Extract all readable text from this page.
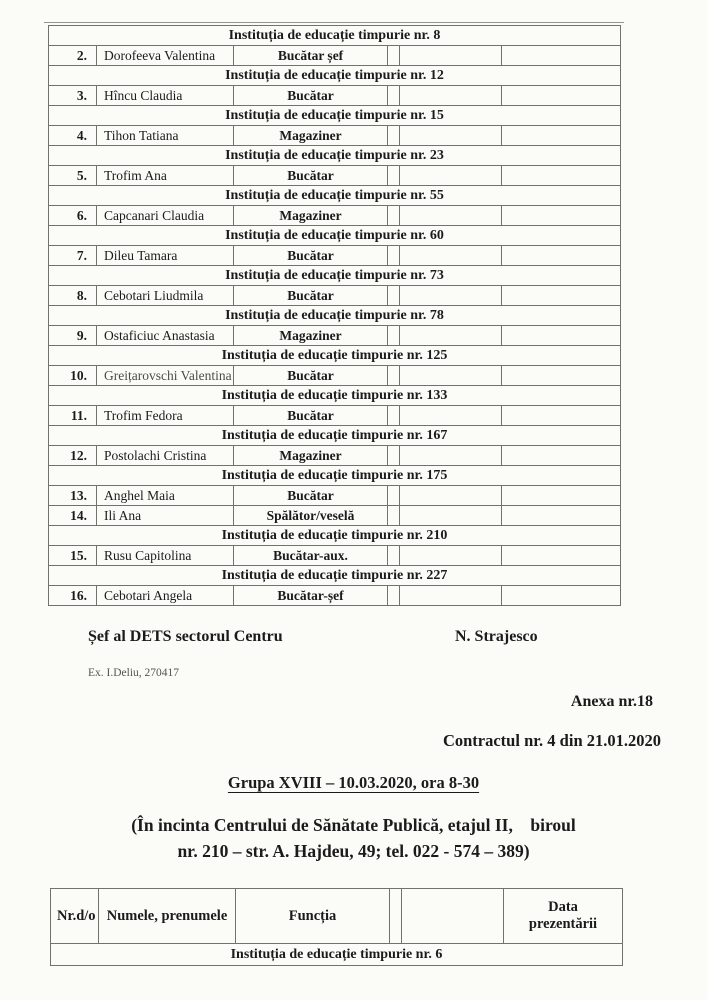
Instituția de educație timpurie nr. 8					
2.	Dorofeeva Valentina	Bucătar șef			
Instituția de educație timpurie nr. 12					
3.	Hîncu Claudia	Bucătar			
Instituția de educație timpurie nr. 15					
4.	Tihon Tatiana	Magaziner			
Instituția de educație timpurie nr. 23					
5.	Trofim Ana	Bucătar			
Instituția de educație timpurie nr. 55					
6.	Capcanari Claudia	Magaziner			
Instituția de educație timpurie nr. 60					
7.	Dileu Tamara	Bucătar			
Instituția de educație timpurie nr. 73					
8.	Cebotari Liudmila	Bucătar			
Instituția de educație timpurie nr. 78					
9.	Ostaficiuc Anastasia	Magaziner			
Instituția de educație timpurie nr. 125					
10.	Greițarovschi Valentina	Bucătar			
Instituția de educație timpurie nr. 133					
11.	Trofim Fedora	Bucătar			
Instituția de educație timpurie nr. 167					
12.	Postolachi Cristina	Magaziner			
Instituția de educație timpurie nr. 175					
13.	Anghel Maia	Bucătar			
14.	Ili Ana	Spălător/veselă			
Instituția de educație timpurie nr. 210					
15.	Rusu Capitolina	Bucătar-aux.			
Instituția de educație timpurie nr. 227					
16.	Cebotari Angela	Bucătar-șef			
Șef al DETS sectorul Centru	N. Strajesco
Ex. I.Deliu, 270417
Anexa nr.18
Contractul nr. 4 din 21.01.2020
Grupa XVIII – 10.03.2020, ora 8-30
(În incinta Centrului de Sănătate Publică, etajul II,    biroul
nr. 210 – str. A. Hajdeu, 49; tel. 022 - 574 – 389)
Nr.d/o	Numele, prenumele	Funcția			Data prezentării
Instituția de educație timpurie nr. 6
